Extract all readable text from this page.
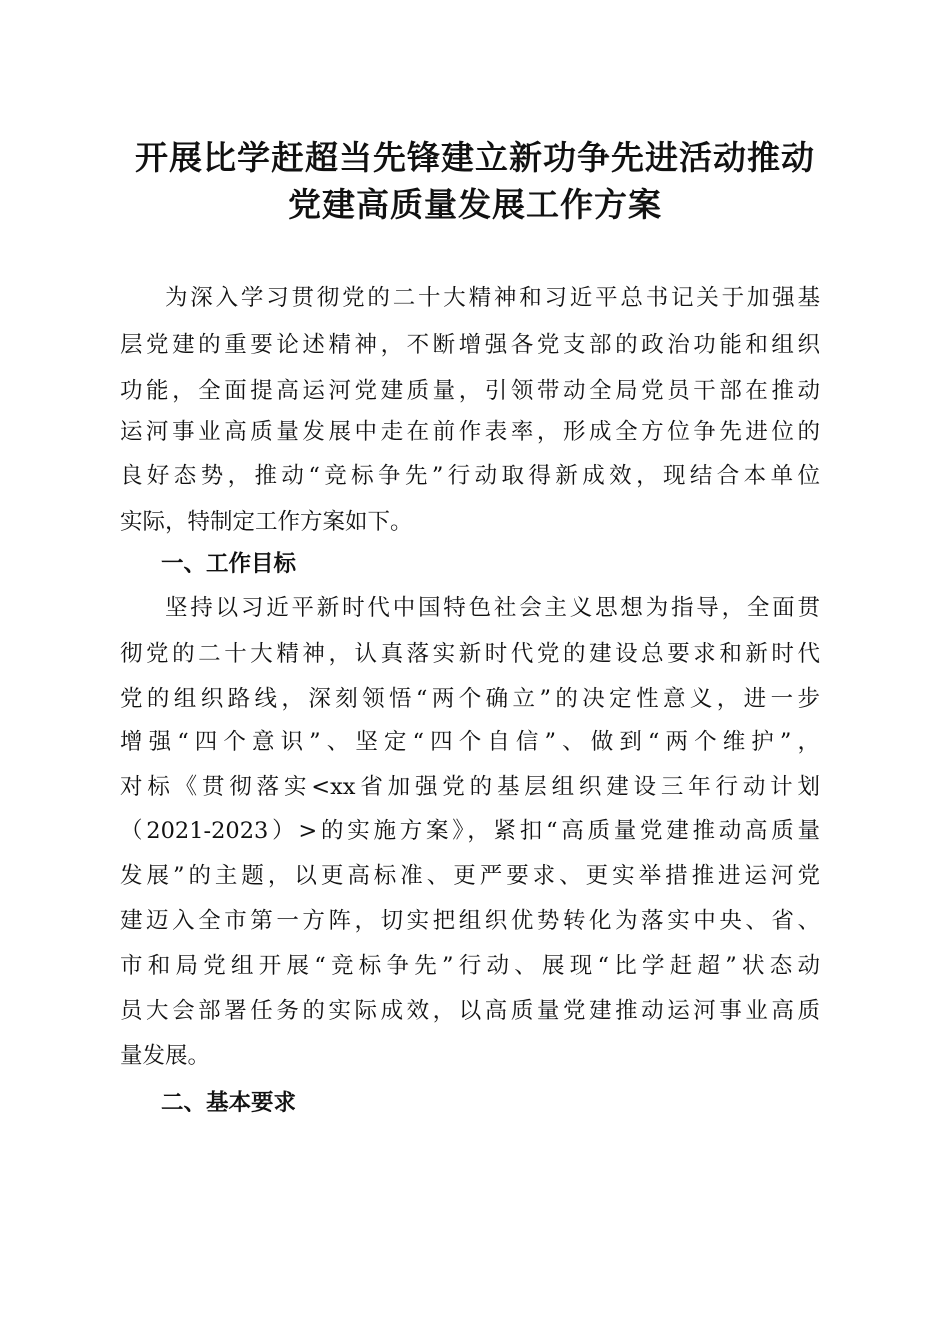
开展比学赶超当先锋建立新功争先进活动推动
党建高质量发展工作方案
为深入学习贯彻党的二十大精神和习近平总书记关于加强基
层党建的重要论述精神，不断增强各党支部的政治功能和组织
功能，全面提高运河党建质量，引领带动全局党员干部在推动
运河事业高质量发展中走在前作表率，形成全方位争先进位的
良好态势，推动“竞标争先”行动取得新成效，现结合本单位
实际，特制定工作方案如下。
一、工作目标
坚持以习近平新时代中国特色社会主义思想为指导，全面贯
彻党的二十大精神，认真落实新时代党的建设总要求和新时代
党的组织路线，深刻领悟“两个确立”的决定性意义，进一步
增强“四个意识”、坚定“四个自信”、做到“两个维护”，
对标《贯彻落实<xx省加强党的基层组织建设三年行动计划
（2021-2023）>的实施方案》，紧扣“高质量党建推动高质量
发展”的主题，以更高标准、更严要求、更实举措推进运河党
建迈入全市第一方阵，切实把组织优势转化为落实中央、省、
市和局党组开展“竞标争先”行动、展现“比学赶超”状态动
员大会部署任务的实际成效，以高质量党建推动运河事业高质
量发展。
二、基本要求
